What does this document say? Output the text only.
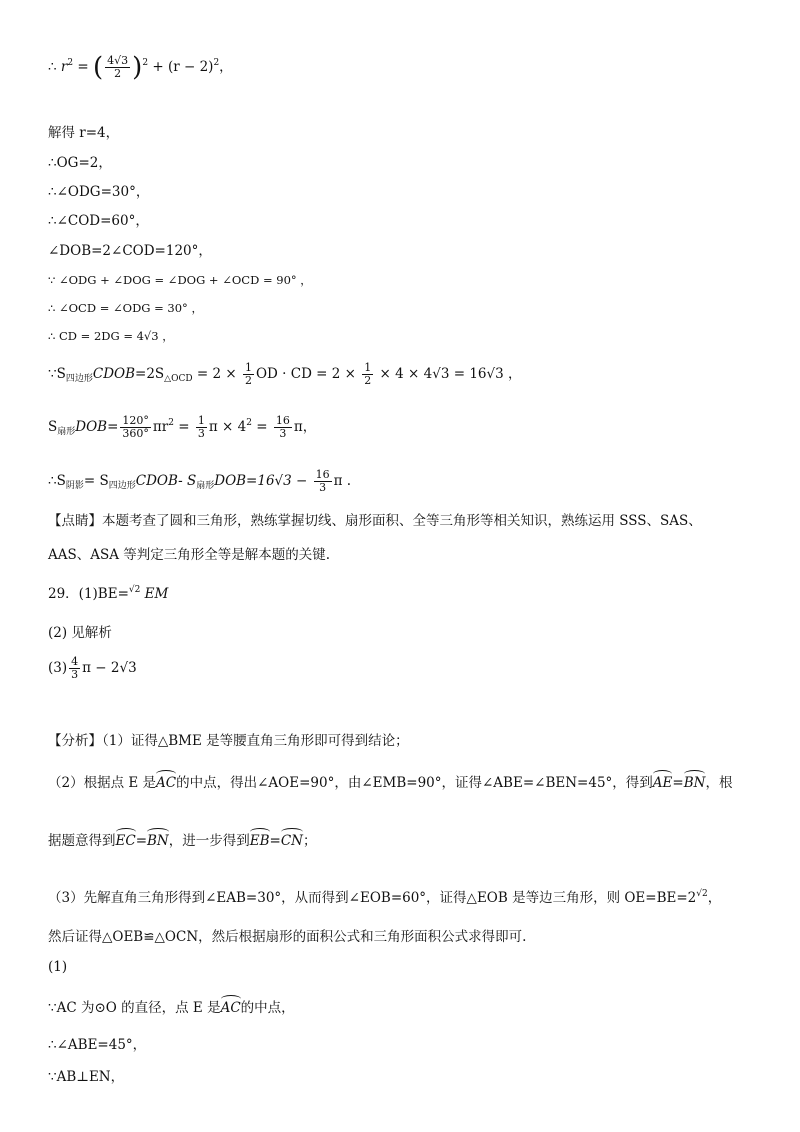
∴ $r^2$ = ( $\frac{4√3}{2} )^2 + (r - 2)^2$，
解得 r=4，
∴OG=2，
∴∠ODG=30°，
∴∠COD=60°，
∠DOB=2∠COD=120°，
∵ ∠ODG + ∠DOG = ∠DOG + ∠OCD = 90° ，
∴ ∠OCD = ∠ODG = 30° ，
∴ CD = 2DG = 4√3 ，
$\because S_{四边形}CDOB=2S_{\triangle OCD} = 2 \times \frac{1}{2}$ OD · CD = $2 \times \frac{1}{2} \times 4 \times 4√3 = 16√3$ ，
$S_{扇形}DOB= \frac{120^\circ}{360^\circ} \pi r^2 = \frac{1}{3}$ $\pi \times 4^2 = \frac{16}{3}$ π，
$\therefore S_{阴影}=$ $S_{四边形}CDOB-$ $S_{扇形}DOB=16√3 - \frac{16}{3}$ π .
【点睛】本题考查了圆和三角形，熟练掌握切线、扇形面积、全等三角形等相关知识，熟练运用 SSS、SAS、
AAS、ASA 等判定三角形全等是解本题的关键.
29．(1)BE=$^{√2}$ EM
(2) 见解析
$(3) \frac{4}{3}$ π − 2√3
【分析】（1）证得△BME 是等腰直角三角形即可得到结论；
（2）根据点 E 是AC的中点，得出∠AOE=90°，由∠EMB=90°，证得∠ABE=∠BEN=45°，得到AE=BN，根
据题意得到EC=BN，进一步得到EB=CN；
（3）先解直角三角形得到∠EAB=30°，从而得到∠EOB=60°，证得△EOB 是等边三角形，则 $OE=BE=2^{√2}$，
然后证得△OEB≌△OCN，然后根据扇形的面积公式和三角形面积公式求得即可.
(1)
∵AC 为⊙O 的直径，点 E 是AC的中点，
∴∠ABE=45°，
∵AB⊥EN，
